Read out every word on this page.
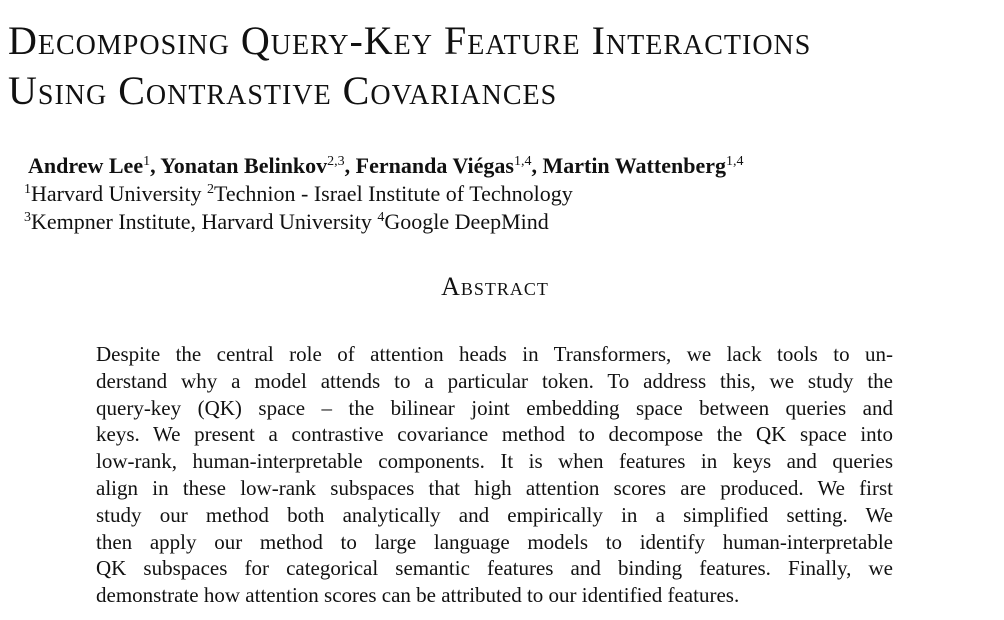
Decomposing Query-Key Feature Interactions
Using Contrastive Covariances
Andrew Lee$^1$, Yonatan Belinkov$^{2,3}$, Fernanda Viégas$^{1,4}$, Martin Wattenberg$^{1,4}$
$^1$Harvard University $^2$Technion - Israel Institute of Technology
$^3$Kempner Institute, Harvard University $^4$Google DeepMind
Abstract
Despite the central role of attention heads in Transformers, we lack tools to un-
derstand why a model attends to a particular token. To address this, we study the
query-key (QK) space – the bilinear joint embedding space between queries and
keys. We present a contrastive covariance method to decompose the QK space into
low-rank, human-interpretable components. It is when features in keys and queries
align in these low-rank subspaces that high attention scores are produced. We first
study our method both analytically and empirically in a simplified setting. We
then apply our method to large language models to identify human-interpretable
QK subspaces for categorical semantic features and binding features. Finally, we
demonstrate how attention scores can be attributed to our identified features.
